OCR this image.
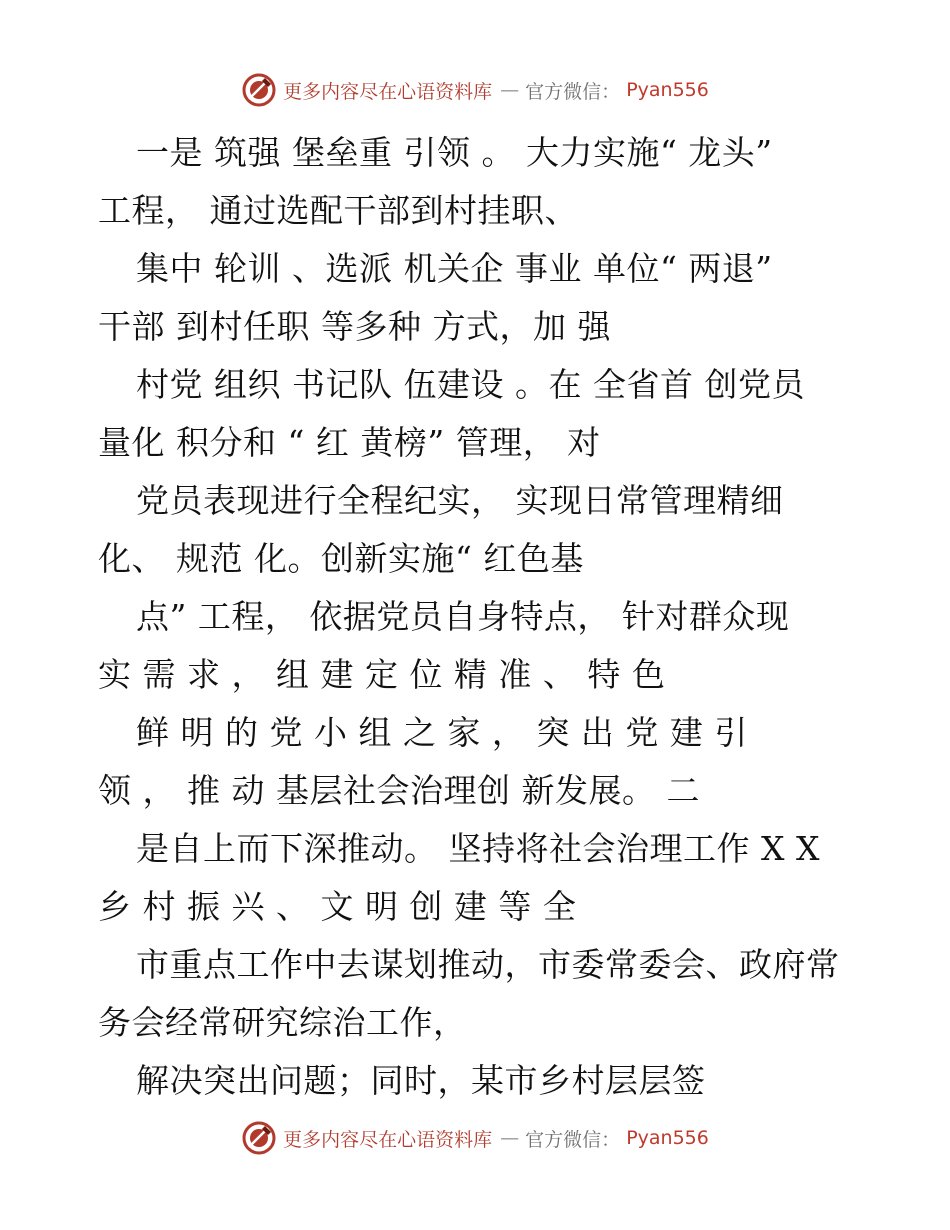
更多内容尽在心语资料库 — 官方微信： Pyan556
一是 筑强 堡垒重 引领 。 大力实施“ 龙头”
工程， 通过选配干部到村挂职、
集中 轮训 、选派 机关企 事业 单位“ 两退”
干部 到村任职 等多种 方式，加 强
村党 组织 书记队 伍建设 。在 全省首 创党员
量化 积分和 “ 红 黄榜” 管理， 对
党员表现进行全程纪实， 实现日常管理精细
化、 规范 化。创新实施“ 红色基
点” 工程， 依据党员自身特点， 针对群众现
实 需 求 ， 组 建 定 位 精 准 、 特 色
鲜 明 的 党 小 组 之 家 ， 突 出 党 建 引
领 ， 推 动 基层社会治理创 新发展。 二
是自上而下深推动。 坚持将社会治理工作 X X
乡 村 振 兴 、 文 明 创 建 等 全
市重点工作中去谋划推动，市委常委会、政府常
务会经常研究综治工作，
解决突出问题；同时，某市乡村层层签
更多内容尽在心语资料库 — 官方微信： Pyan556
